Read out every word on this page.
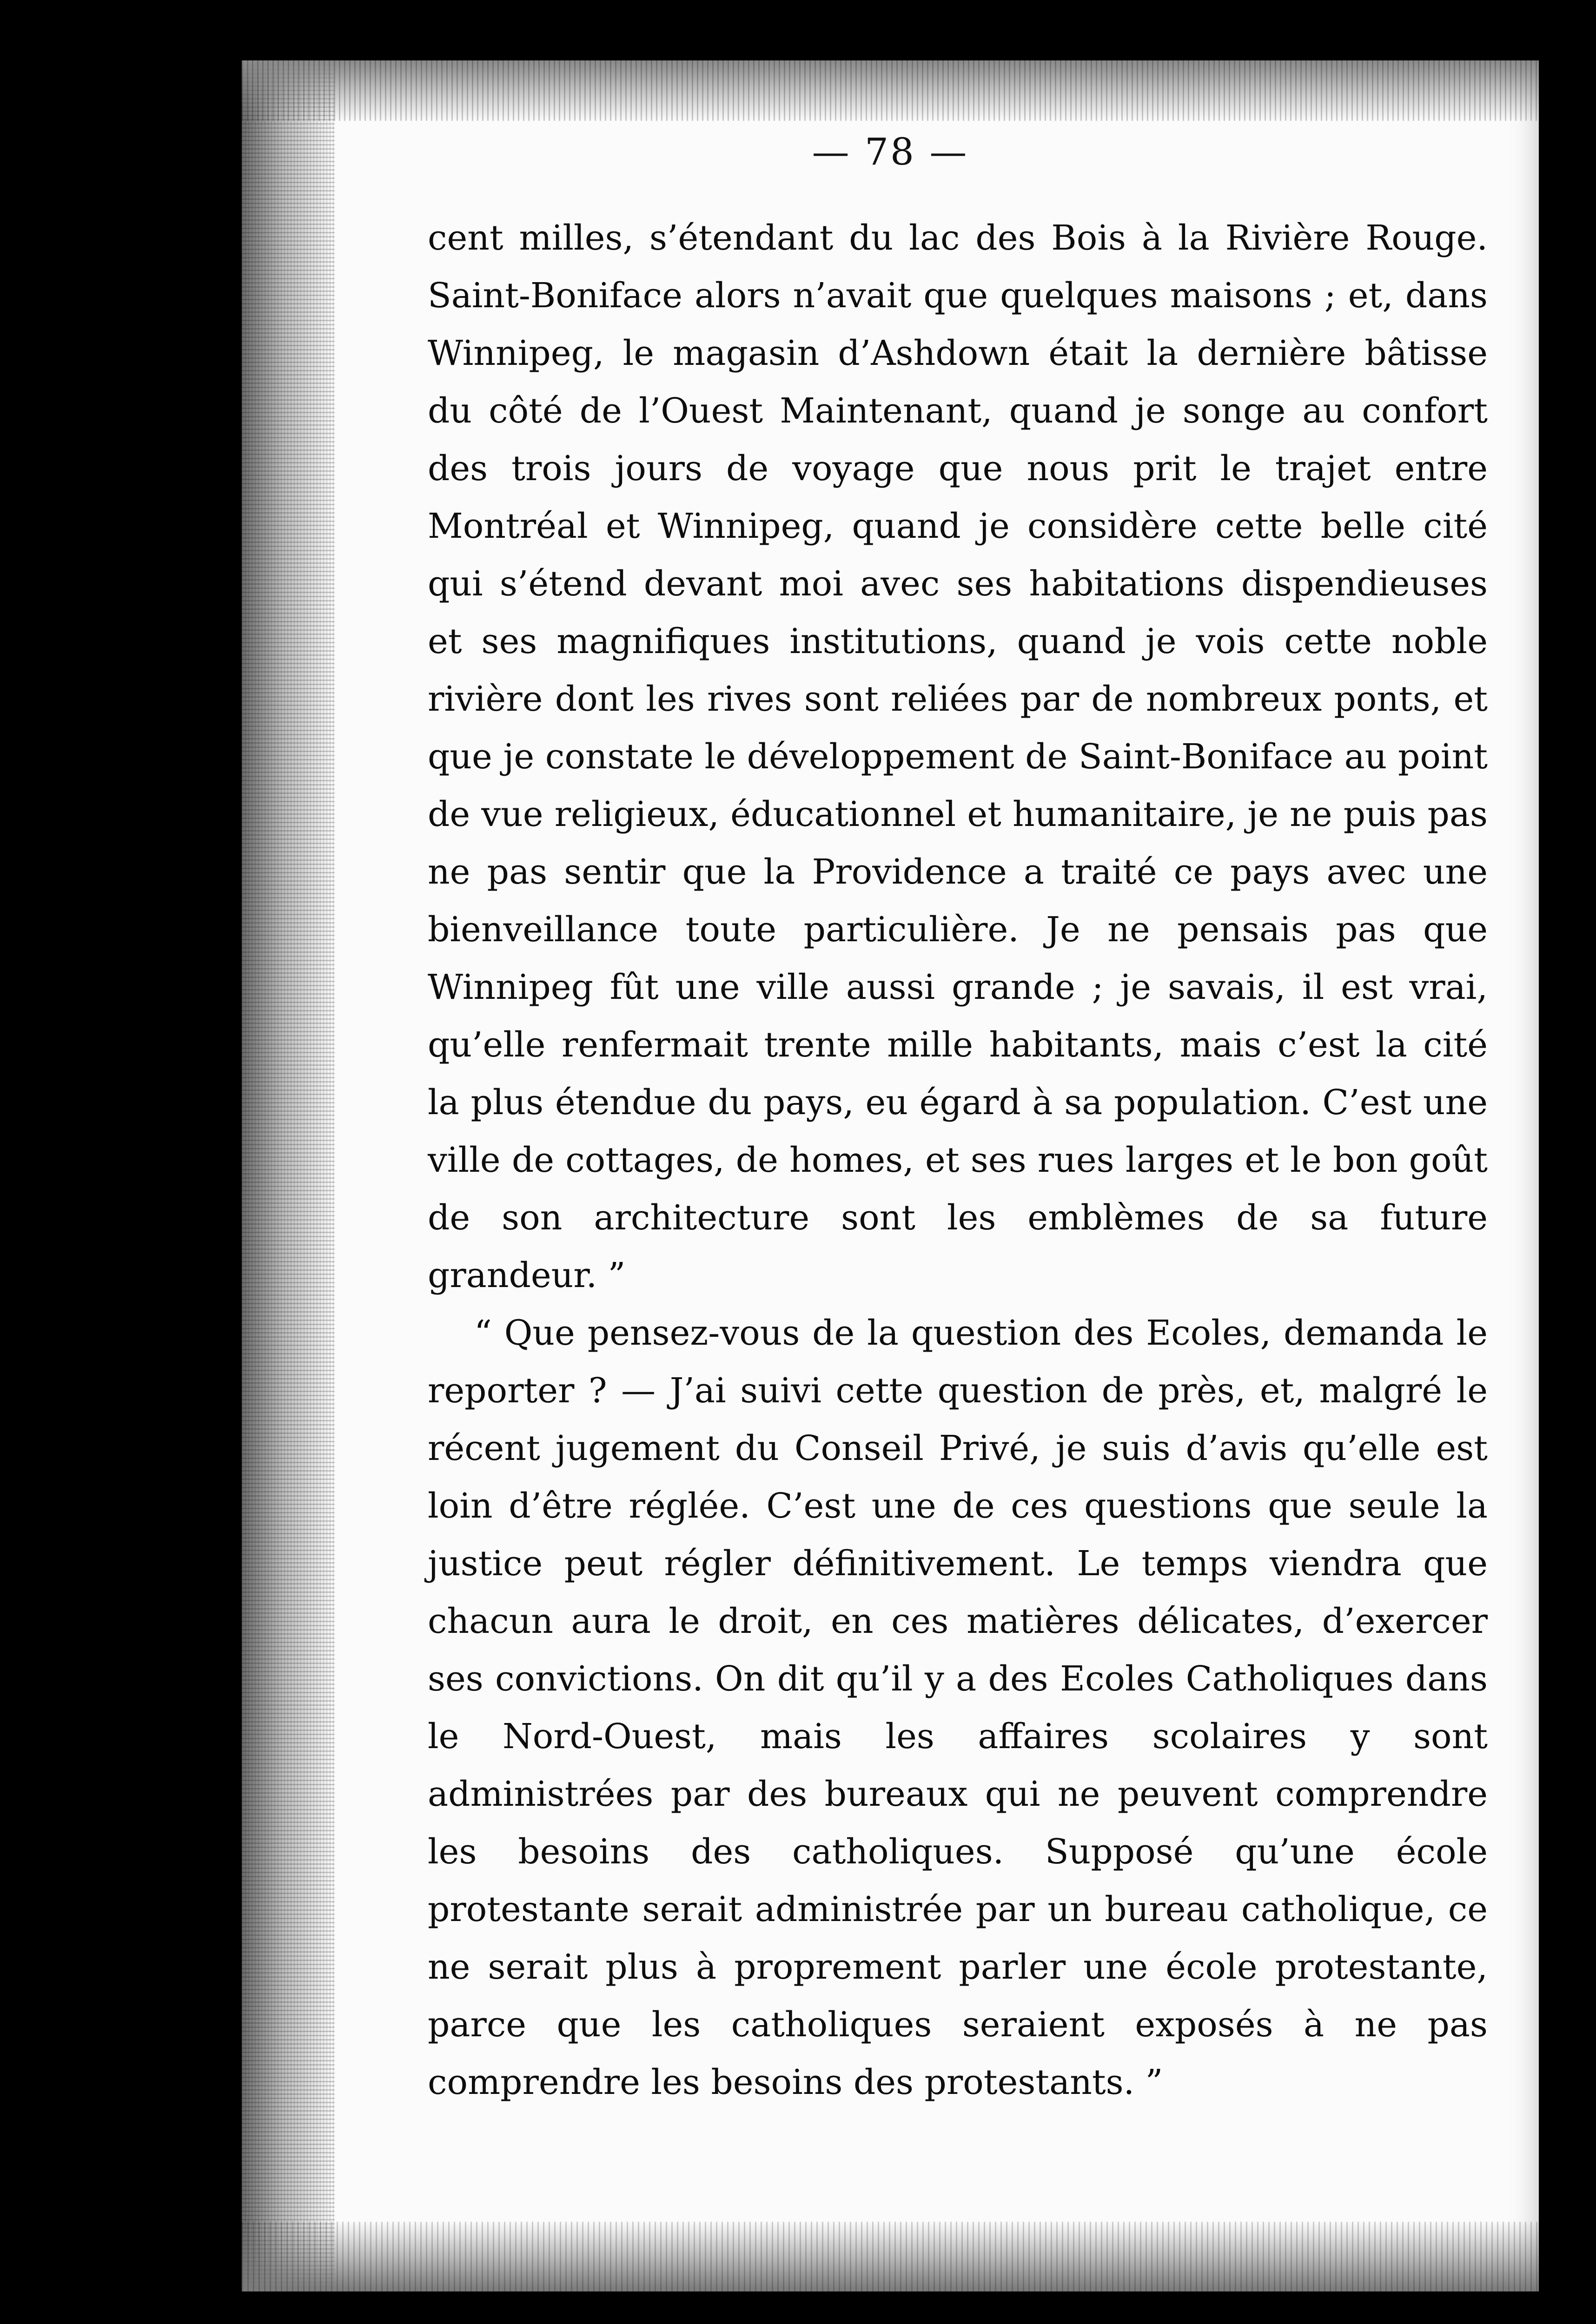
— 78 —

cent milles, s’étendant du lac des Bois à la Rivière Rouge. Saint-Boniface alors n’avait que quelques maisons ; et, dans Winnipeg, le magasin d’Ashdown était la dernière bâtisse du côté de l’Ouest Maintenant, quand je songe au confort des trois jours de voyage que nous prit le trajet entre Montréal et Winnipeg, quand je considère cette belle cité qui s’étend devant moi avec ses habitations dispendieuses et ses magnifiques institutions, quand je vois cette noble rivière dont les rives sont reliées par de nombreux ponts, et que je constate le développement de Saint-Boniface au point de vue religieux, éducationnel et humanitaire, je ne puis pas ne pas sentir que la Providence a traité ce pays avec une bienveillance toute particulière. Je ne pensais pas que Winnipeg fût une ville aussi grande ; je savais, il est vrai, qu’elle renfermait trente mille habitants, mais c’est la cité la plus étendue du pays, eu égard à sa population. C’est une ville de cottages, de homes, et ses rues larges et le bon goût de son architecture sont les emblèmes de sa future grandeur. ”

“ Que pensez-vous de la question des Ecoles, demanda le reporter ? — J’ai suivi cette question de près, et, malgré le récent jugement du Conseil Privé, je suis d’avis qu’elle est loin d’être réglée. C’est une de ces questions que seule la justice peut régler définitivement. Le temps viendra que chacun aura le droit, en ces matières délicates, d’exercer ses convictions. On dit qu’il y a des Ecoles Catholiques dans le Nord-Ouest, mais les affaires scolaires y sont administrées par des bureaux qui ne peuvent comprendre les besoins des catholiques. Supposé qu’une école protestante serait administrée par un bureau catholique, ce ne serait plus à proprement parler une école protestante, parce que les catholiques seraient exposés à ne pas comprendre les besoins des protestants. ”
